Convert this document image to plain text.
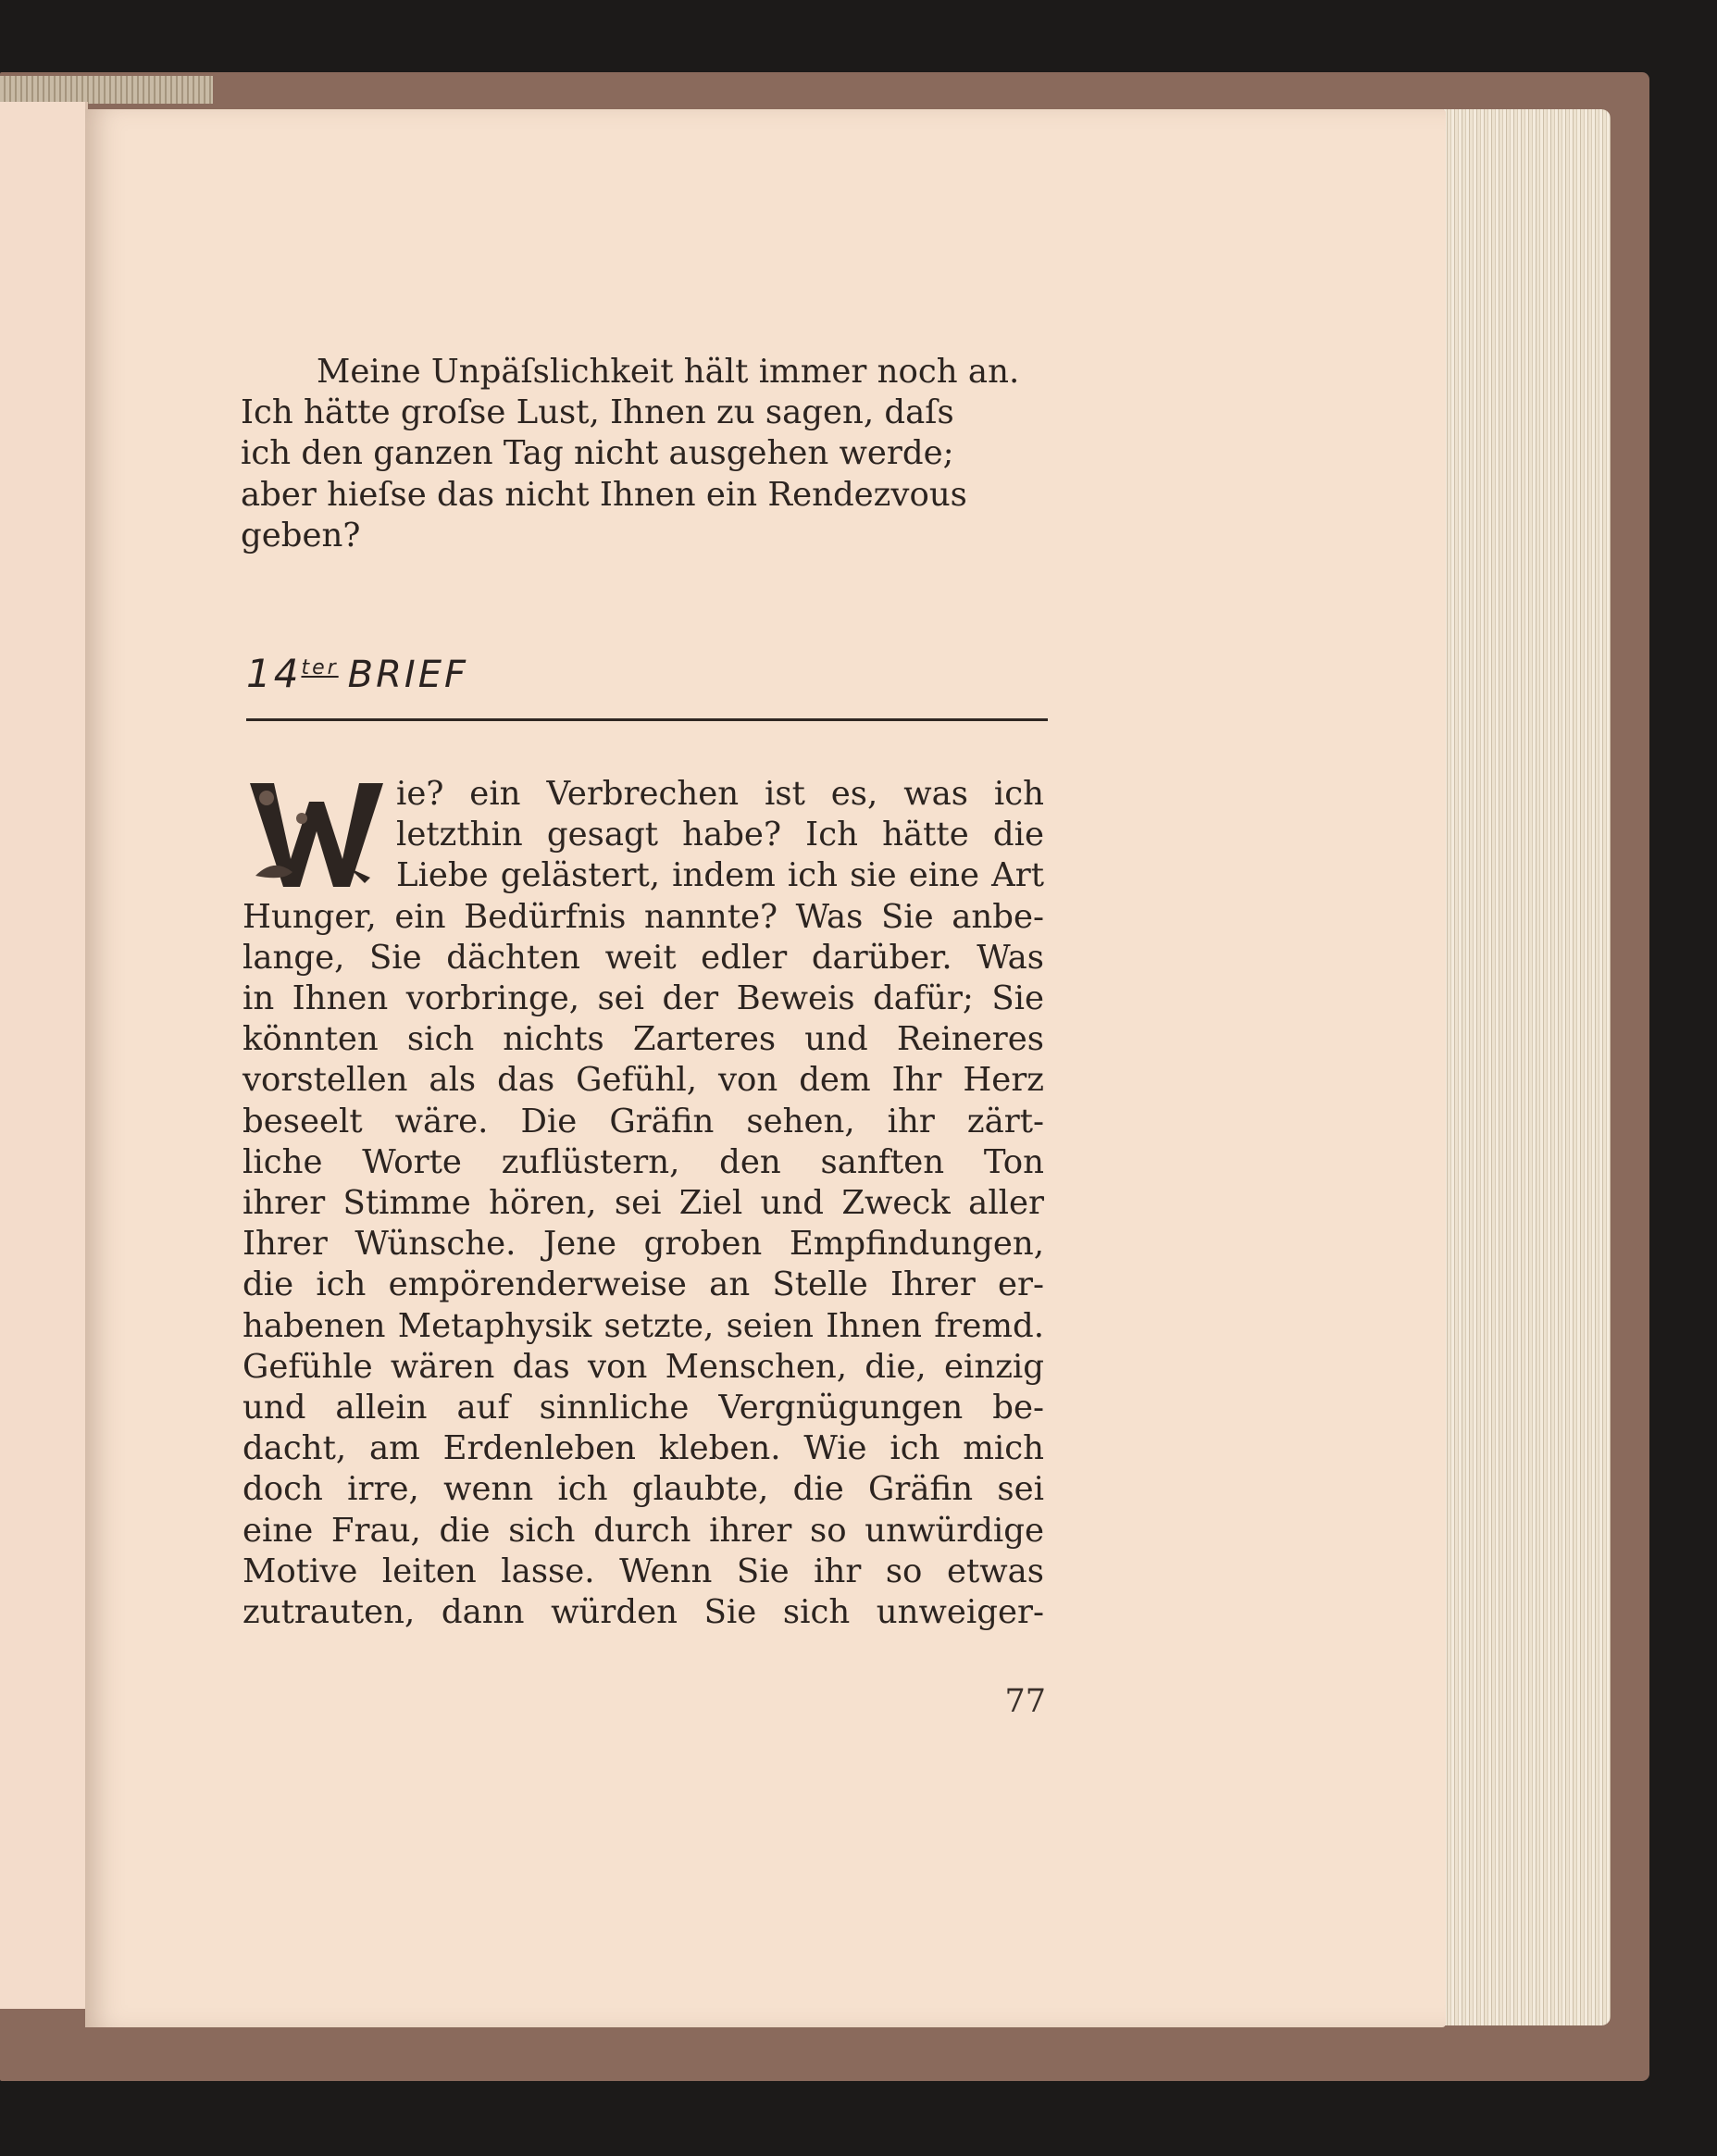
Meine Unpäſslichkeit hält immer noch an.

Ich hätte groſse Lust, Ihnen zu sagen, daſs

ich den ganzen Tag nicht ausgehen werde;

aber hieſse das nicht Ihnen ein Rendezvous

geben?

$14^{ter}$ BRIEF
ie? ein Verbrechen ist es, was ich
letzthin gesagt habe? Ich hätte die
Liebe gelästert, indem ich sie eine Art
Hunger, ein Bedürfnis nannte? Was Sie anbe-
lange, Sie dächten weit edler darüber. Was
in Ihnen vorbringe, sei der Beweis dafür; Sie
könnten sich nichts Zarteres und Reineres
vorstellen als das Gefühl, von dem Ihr Herz
beseelt wäre. Die Gräfin sehen, ihr zärt-
liche Worte zuflüstern, den sanften Ton
ihrer Stimme hören, sei Ziel und Zweck aller
Ihrer Wünsche. Jene groben Empfindungen,
die ich empörenderweise an Stelle Ihrer er-
habenen Metaphysik setzte, seien Ihnen fremd.
Gefühle wären das von Menschen, die, einzig
und allein auf sinnliche Vergnügungen be-
dacht, am Erdenleben kleben. Wie ich mich
doch irre, wenn ich glaubte, die Gräfin sei
eine Frau, die sich durch ihrer so unwürdige
Motive leiten lasse. Wenn Sie ihr so etwas
zutrauten, dann würden Sie sich unweiger-
77
